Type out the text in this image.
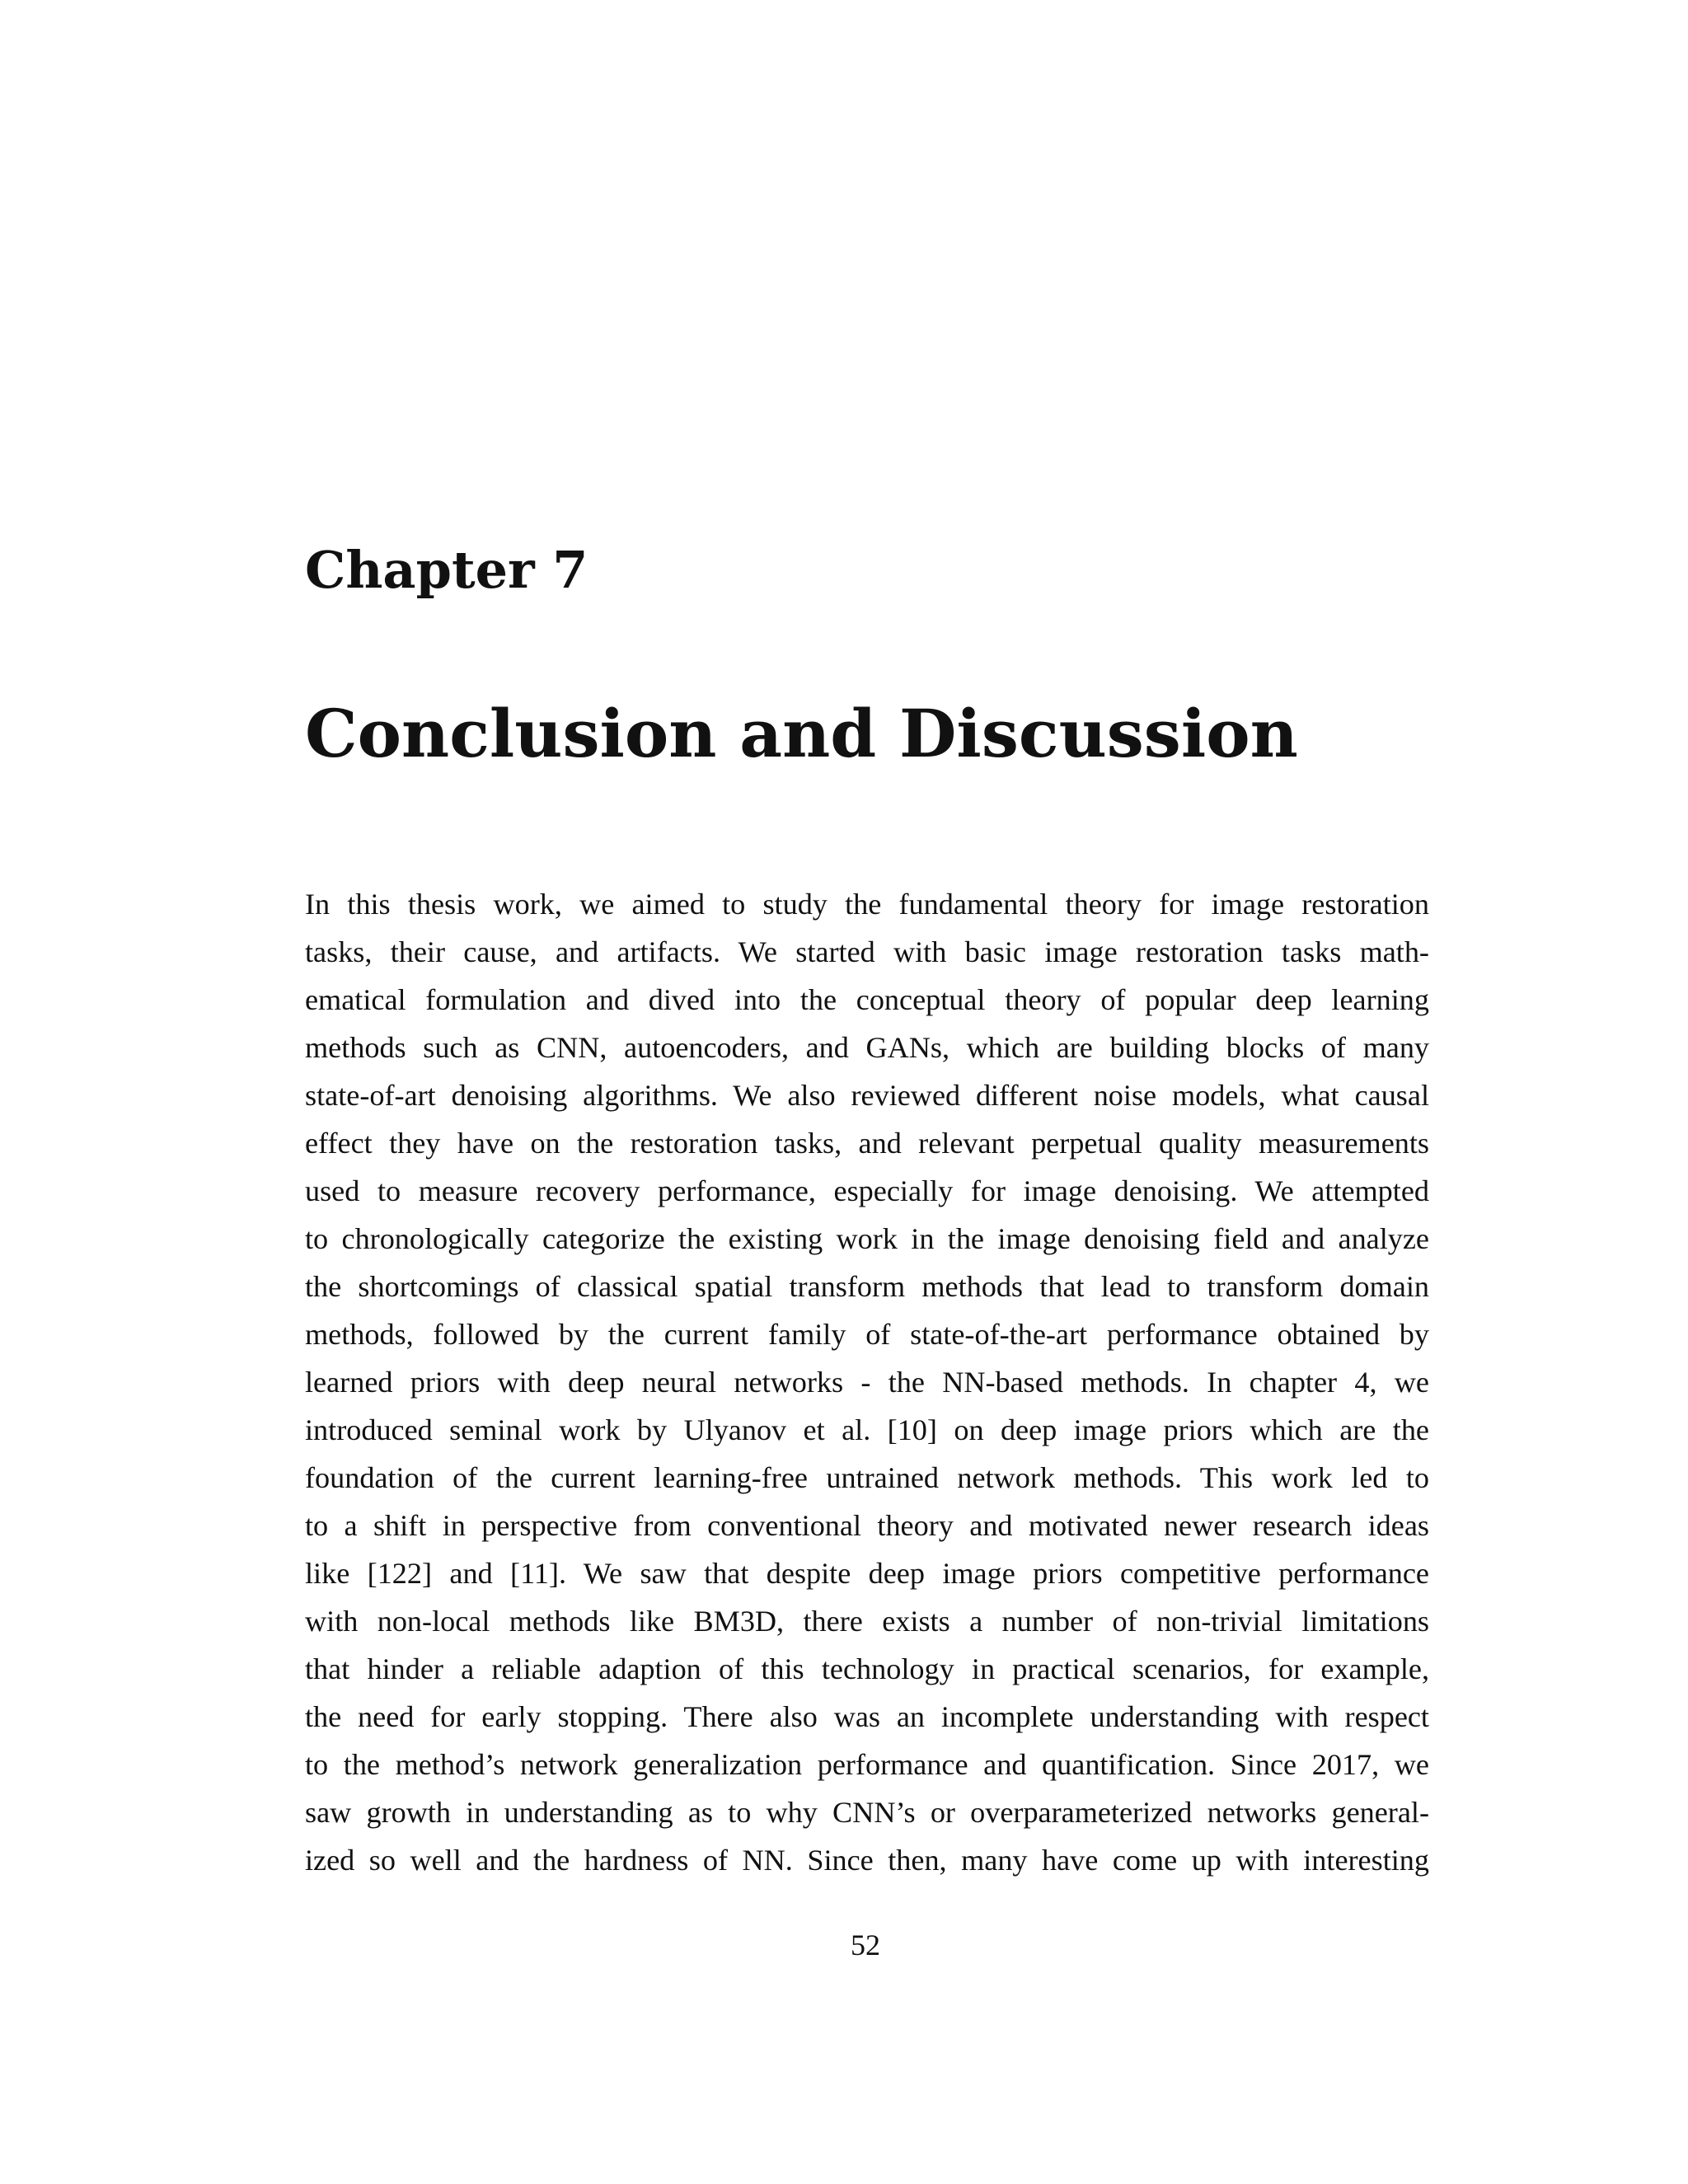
Chapter 7
Conclusion and Discussion
In this thesis work, we aimed to study the fundamental theory for image restoration
tasks, their cause, and artifacts. We started with basic image restoration tasks math-
ematical formulation and dived into the conceptual theory of popular deep learning
methods such as CNN, autoencoders, and GANs, which are building blocks of many
state-of-art denoising algorithms. We also reviewed different noise models, what causal
effect they have on the restoration tasks, and relevant perpetual quality measurements
used to measure recovery performance, especially for image denoising. We attempted
to chronologically categorize the existing work in the image denoising field and analyze
the shortcomings of classical spatial transform methods that lead to transform domain
methods, followed by the current family of state-of-the-art performance obtained by
learned priors with deep neural networks - the NN-based methods. In chapter 4, we
introduced seminal work by Ulyanov et al. [10] on deep image priors which are the
foundation of the current learning-free untrained network methods. This work led to
to a shift in perspective from conventional theory and motivated newer research ideas
like [122] and [11]. We saw that despite deep image priors competitive performance
with non-local methods like BM3D, there exists a number of non-trivial limitations
that hinder a reliable adaption of this technology in practical scenarios, for example,
the need for early stopping. There also was an incomplete understanding with respect
to the method’s network generalization performance and quantification. Since 2017, we
saw growth in understanding as to why CNN’s or overparameterized networks general-
ized so well and the hardness of NN. Since then, many have come up with interesting
52
